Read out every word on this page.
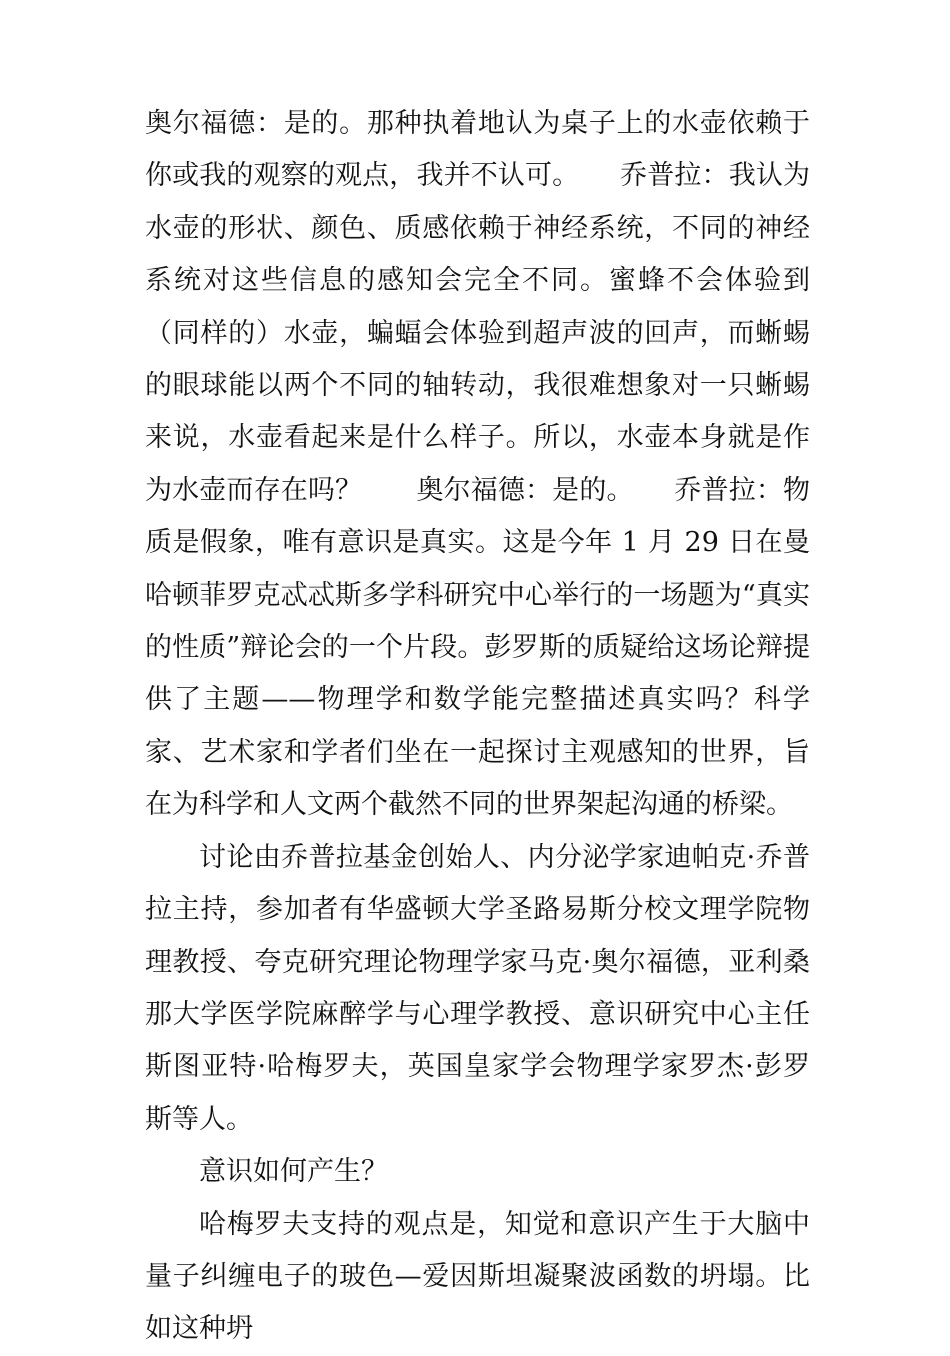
奥尔福德：是的。那种执着地认为桌子上的水壶依赖于你或我的观察的观点，我并不认可。　　乔普拉：我认为水壶的形状、颜色、质感依赖于神经系统，不同的神经系统对这些信息的感知会完全不同。蜜蜂不会体验到（同样的）水壶，蝙蝠会体验到超声波的回声，而蜥蜴的眼球能以两个不同的轴转动，我很难想象对一只蜥蜴来说，水壶看起来是什么样子。所以，水壶本身就是作为水壶而存在吗？　　奥尔福德：是的。　　乔普拉：物质是假象，唯有意识是真实。这是今年 1 月 29 日在曼哈顿菲罗克忒忒斯多学科研究中心举行的一场题为“真实的性质”辩论会的一个片段。彭罗斯的质疑给这场论辩提供了主题——物理学和数学能完整描述真实吗？科学家、艺术家和学者们坐在一起探讨主观感知的世界，旨在为科学和人文两个截然不同的世界架起沟通的桥梁。

讨论由乔普拉基金创始人、内分泌学家迪帕克·乔普拉主持，参加者有华盛顿大学圣路易斯分校文理学院物理教授、夸克研究理论物理学家马克·奥尔福德，亚利桑那大学医学院麻醉学与心理学教授、意识研究中心主任斯图亚特·哈梅罗夫，英国皇家学会物理学家罗杰·彭罗斯等人。

意识如何产生？

哈梅罗夫支持的观点是，知觉和意识产生于大脑中量子纠缠电子的玻色—爱因斯坦凝聚波函数的坍塌。比如这种坍
